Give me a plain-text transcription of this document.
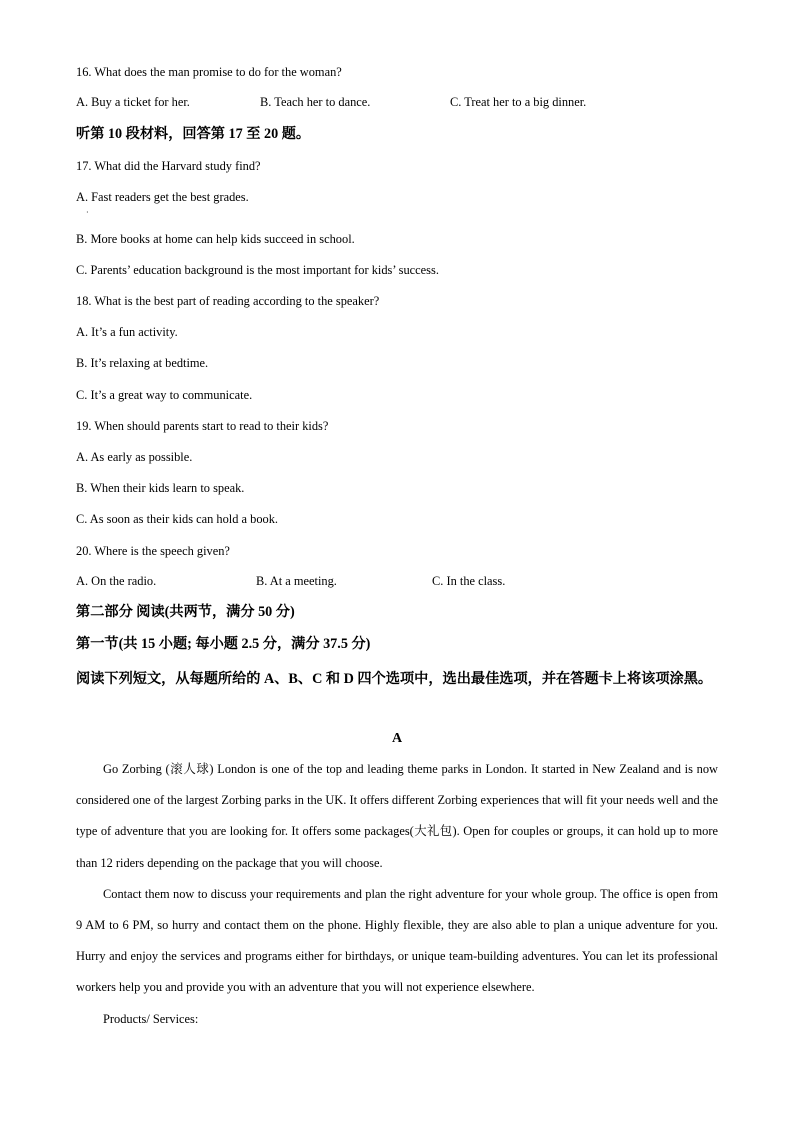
16. What does the man promise to do for the woman?
A. Buy a ticket for her.	B. Teach her to dance.	C. Treat her to a big dinner.
听第 10 段材料，回答第 17 至 20 题。
17. What did the Harvard study find?
A. Fast readers get the best grades.
·
B. More books at home can help kids succeed in school.
C. Parents’ education background is the most important for kids’ success.
18. What is the best part of reading according to the speaker?
A. It’s a fun activity.
B. It’s relaxing at bedtime.
C. It’s a great way to communicate.
19. When should parents start to read to their kids?
A. As early as possible.
B. When their kids learn to speak.
C. As soon as their kids can hold a book.
20. Where is the speech given?
A. On the radio.	B. At a meeting.	C. In the class.
第二部分 阅读(共两节，满分 50 分)
第一节(共 15 小题; 每小题 2.5 分，满分 37.5 分)
阅读下列短文，从每题所给的 A、B、C 和 D 四个选项中，选出最佳选项，并在答题卡上将该项涂黑。
A

Go Zorbing (滚人球) London is one of the top and leading theme parks in London. It started in New Zealand and is now considered one of the largest Zorbing parks in the UK. It offers different Zorbing experiences that will fit your needs well and the type of adventure that you are looking for. It offers some packages(大礼包). Open for couples or groups, it can hold up to more than 12 riders depending on the package that you will choose.

Contact them now to discuss your requirements and plan the right adventure for your whole group. The office is open from 9 AM to 6 PM, so hurry and contact them on the phone. Highly flexible, they are also able to plan a unique adventure for you. Hurry and enjoy the services and programs either for birthdays, or unique team-building adventures. You can let its professional workers help you and provide you with an adventure that you will not experience elsewhere.

Products/ Services:
